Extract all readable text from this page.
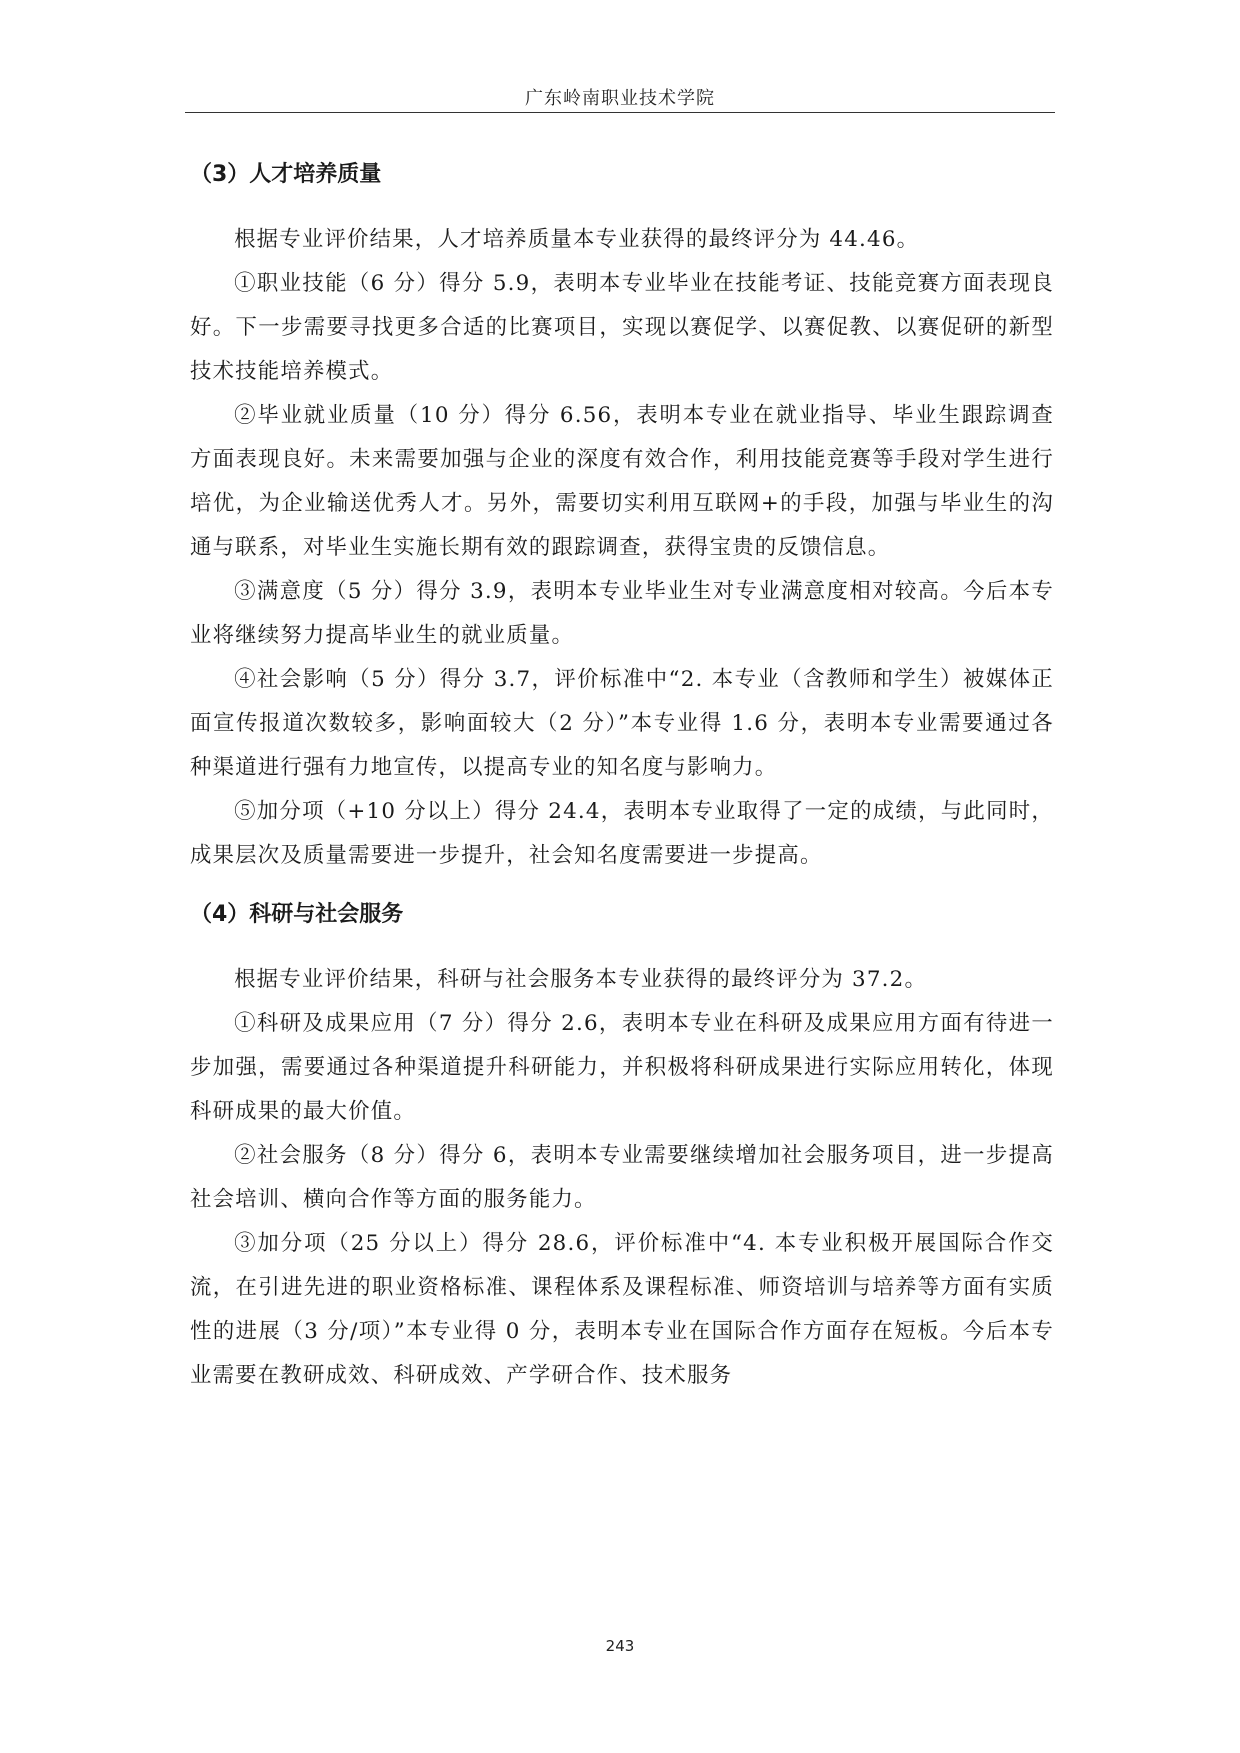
广东岭南职业技术学院
（3）人才培养质量

根据专业评价结果，人才培养质量本专业获得的最终评分为 44.46。

①职业技能（6 分）得分 5.9，表明本专业毕业在技能考证、技能竞赛方面表现良好。下一步需要寻找更多合适的比赛项目，实现以赛促学、以赛促教、以赛促研的新型技术技能培养模式。

②毕业就业质量（10 分）得分 6.56，表明本专业在就业指导、毕业生跟踪调查方面表现良好。未来需要加强与企业的深度有效合作，利用技能竞赛等手段对学生进行培优，为企业输送优秀人才。另外，需要切实利用互联网+的手段，加强与毕业生的沟通与联系，对毕业生实施长期有效的跟踪调查，获得宝贵的反馈信息。

③满意度（5 分）得分 3.9，表明本专业毕业生对专业满意度相对较高。今后本专业将继续努力提高毕业生的就业质量。

④社会影响（5 分）得分 3.7，评价标准中“2. 本专业（含教师和学生）被媒体正面宣传报道次数较多，影响面较大（2 分）”本专业得 1.6 分，表明本专业需要通过各种渠道进行强有力地宣传，以提高专业的知名度与影响力。

⑤加分项（+10 分以上）得分 24.4，表明本专业取得了一定的成绩，与此同时，成果层次及质量需要进一步提升，社会知名度需要进一步提高。

（4）科研与社会服务

根据专业评价结果，科研与社会服务本专业获得的最终评分为 37.2。

①科研及成果应用（7 分）得分 2.6，表明本专业在科研及成果应用方面有待进一步加强，需要通过各种渠道提升科研能力，并积极将科研成果进行实际应用转化，体现科研成果的最大价值。

②社会服务（8 分）得分 6，表明本专业需要继续增加社会服务项目，进一步提高社会培训、横向合作等方面的服务能力。

③加分项（25 分以上）得分 28.6，评价标准中“4. 本专业积极开展国际合作交流，在引进先进的职业资格标准、课程体系及课程标准、师资培训与培养等方面有实质性的进展（3 分/项）”本专业得 0 分，表明本专业在国际合作方面存在短板。今后本专业需要在教研成效、科研成效、产学研合作、技术服务

243
